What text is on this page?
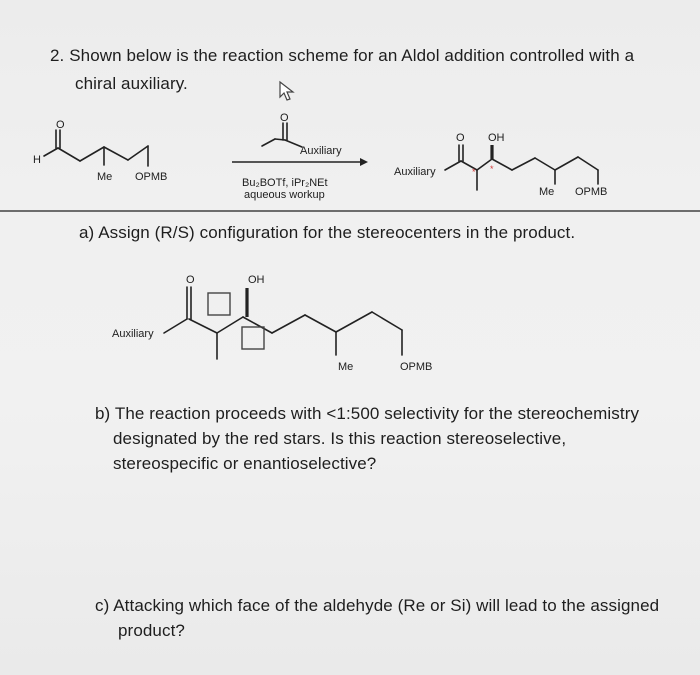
2. Shown below is the reaction scheme for an Aldol addition controlled with a
chiral auxiliary.
O
H
Me OPMB
O
Auxiliary
Bu₂BOTf, iPr₂NEt
aqueous workup
Auxiliary
O
*
OH
*
Me OPMB
a) Assign (R/S) configuration for the stereocenters in the product.
Auxiliary
O	OH
Me	OPMB
b) The reaction proceeds with <1:500 selectivity for the stereochemistry
designated by the red stars. Is this reaction stereoselective,
stereospecific or enantioselective?
c) Attacking which face of the aldehyde (Re or Si) will lead to the assigned
product?
